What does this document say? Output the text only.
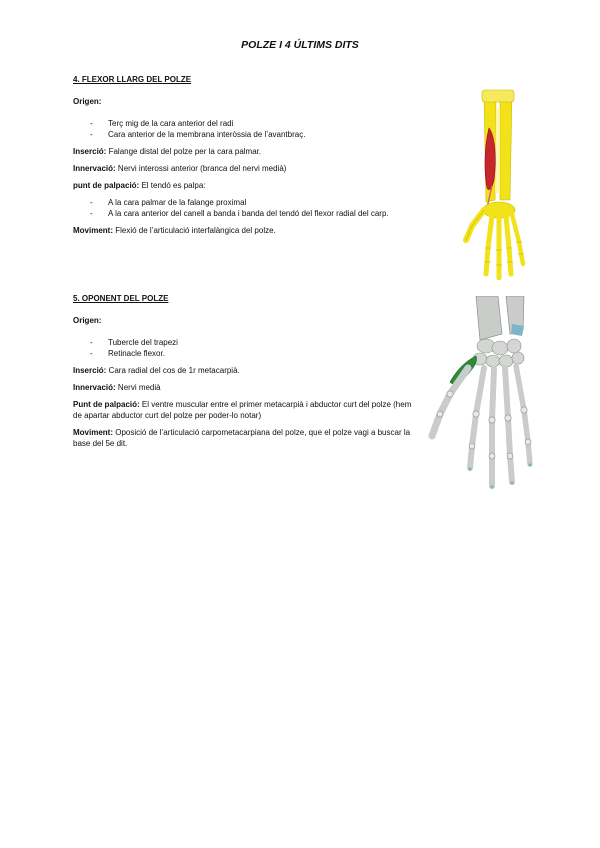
POLZE I 4 ÚLTIMS DITS

4. FLEXOR LLARG DEL POLZE

Origen:

- Terç mig de la cara anterior del radi
- Cara anterior de la membrana interòssia de l’avantbraç.

Inserció: Falange distal del polze per la cara palmar.

Innervació: Nervi interossi anterior (branca del nervi medià)

punt de palpació: El tendó es palpa:

- A la cara palmar de la falange proximal
- A la cara anterior del canell a banda i banda del tendó del flexor radial del carp.

Moviment: Flexió de l’articulació interfalàngica del polze.

5. OPONENT DEL POLZE

Origen:

- Tubercle del trapezi
- Retinacle flexor.

Inserció: Cara radial del cos de 1r metacarpià.

Innervació: Nervi medià

Punt de palpació: El ventre muscular entre el primer metacarpià i abductor curt del polze (hem de apartar abductor curt del polze per poder-lo notar)

Moviment: Oposició de l’articulació carpometacarpiana del polze, que el polze vagi a buscar la base del 5e dit.
